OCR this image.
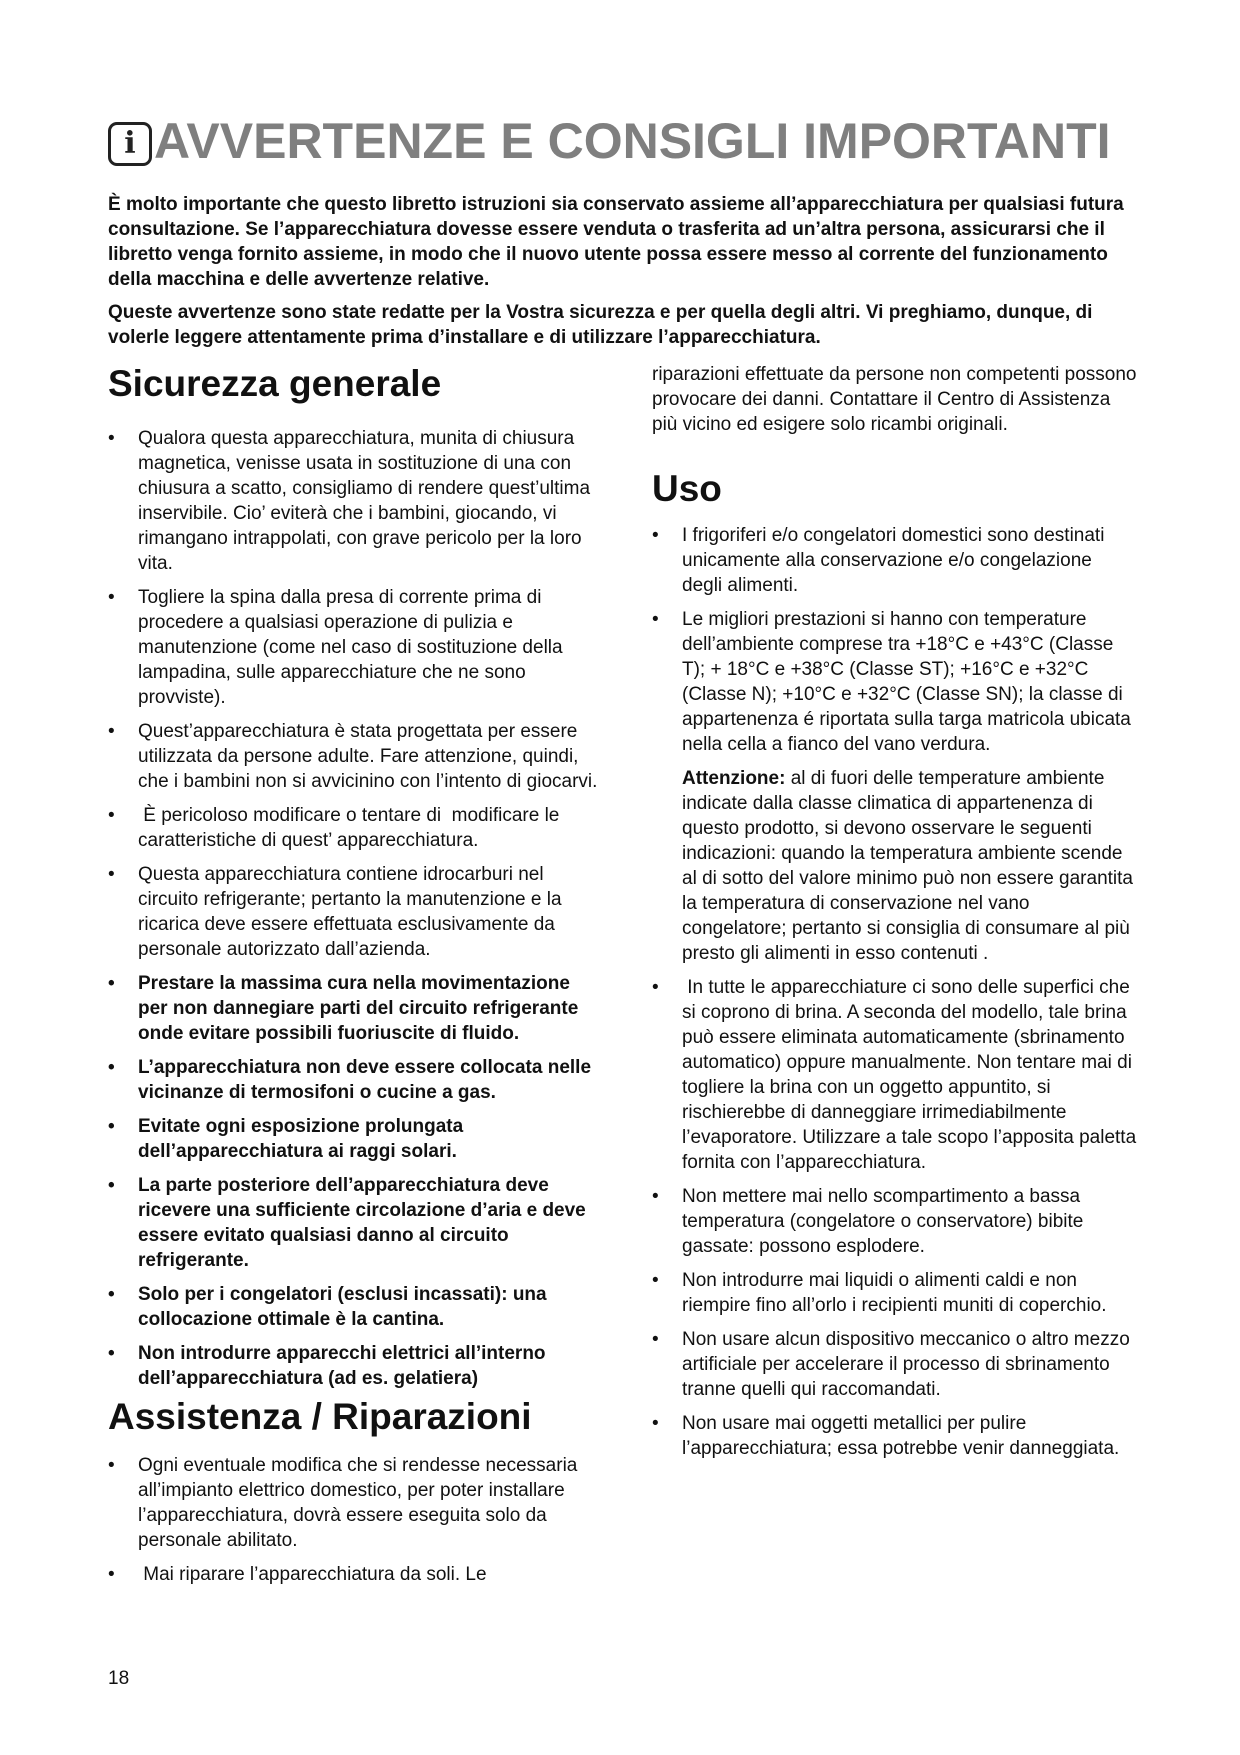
i AVVERTENZE E CONSIGLI IMPORTANTI

È molto importante che questo libretto istruzioni sia conservato assieme all’apparecchiatura per qualsiasi futura consultazione. Se l’apparecchiatura dovesse essere venduta o trasferita ad un’altra persona, assicurarsi che il libretto venga fornito assieme, in modo che il nuovo utente possa essere messo al corrente del funzionamento della macchina e delle avvertenze relative.

Queste avvertenze sono state redatte per la Vostra sicurezza e per quella degli altri. Vi preghiamo, dunque, di volerle leggere attentamente prima d’installare e di utilizzare l’apparecchiatura.

Sicurezza generale
• Qualora questa apparecchiatura, munita di chiusura magnetica, venisse usata in sostituzione di una con chiusura a scatto, consigliamo di rendere quest’ultima inservibile. Cio’ eviterà che i bambini, giocando, vi rimangano intrappolati, con grave pericolo per la loro vita.
• Togliere la spina dalla presa di corrente prima di procedere a qualsiasi operazione di pulizia e manutenzione (come nel caso di sostituzione della lampadina, sulle apparecchiature che ne sono provviste).
• Quest’apparecchiatura è stata progettata per essere utilizzata da persone adulte. Fare attenzione, quindi, che i bambini non si avvicinino con l’intento di giocarvi.
• È pericoloso modificare o tentare di  modificare le caratteristiche di quest’ apparecchiatura.
• Questa apparecchiatura contiene idrocarburi nel circuito refrigerante; pertanto la manutenzione e la ricarica deve essere effettuata esclusivamente da personale autorizzato dall’azienda.
• Prestare la massima cura nella movimentazione per non dannegiare parti del circuito refrigerante onde evitare possibili fuoriuscite di fluido.
• L’apparecchiatura non deve essere collocata nelle vicinanze di termosifoni o cucine a gas.
• Evitate ogni esposizione prolungata dell’apparecchiatura ai raggi solari.
• La parte posteriore dell’apparecchiatura deve ricevere una sufficiente circolazione d’aria e deve essere evitato qualsiasi danno al circuito refrigerante.
• Solo per i congelatori (esclusi incassati): una collocazione ottimale è la cantina.
• Non introdurre apparecchi elettrici all’interno dell’apparecchiatura (ad es. gelatiera)
Assistenza / Riparazioni
• Ogni eventuale modifica che si rendesse necessaria all’impianto elettrico domestico, per poter installare l’apparecchiatura, dovrà essere eseguita solo da personale abilitato.
• Mai riparare l’apparecchiatura da soli. Le

riparazioni effettuate da persone non competenti possono provocare dei danni. Contattare il Centro di Assistenza più vicino ed esigere solo ricambi originali.

Uso
• I frigoriferi e/o congelatori domestici sono destinati unicamente alla conservazione e/o congelazione degli alimenti.
• Le migliori prestazioni si hanno con temperature dell’ambiente comprese tra +18°C e +43°C (Classe T); + 18°C e +38°C (Classe ST); +16°C e +32°C (Classe N); +10°C e +32°C (Classe SN); la classe di appartenenza é riportata sulla targa matricola ubicata nella cella a fianco del vano verdura.

Attenzione: al di fuori delle temperature ambiente indicate dalla classe climatica di appartenenza di questo prodotto, si devono osservare le seguenti indicazioni: quando la temperatura ambiente scende al di sotto del valore minimo può non essere garantita la temperatura di conservazione nel vano congelatore; pertanto si consiglia di consumare al più presto gli alimenti in esso contenuti .

• In tutte le apparecchiature ci sono delle superfici che si coprono di brina. A seconda del modello, tale brina può essere eliminata automaticamente (sbrinamento automatico) oppure manualmente. Non tentare mai di togliere la brina con un oggetto appuntito, si rischierebbe di danneggiare irrimediabilmente l’evaporatore. Utilizzare a tale scopo l’apposita paletta fornita con l’apparecchiatura.
• Non mettere mai nello scompartimento a bassa temperatura (congelatore o conservatore) bibite gassate: possono esplodere.
• Non introdurre mai liquidi o alimenti caldi e non riempire fino all’orlo i recipienti muniti di coperchio.
• Non usare alcun dispositivo meccanico o altro mezzo artificiale per accelerare il processo di sbrinamento tranne quelli qui raccomandati.
• Non usare mai oggetti metallici per pulire l’apparecchiatura; essa potrebbe venir danneggiata.
18
